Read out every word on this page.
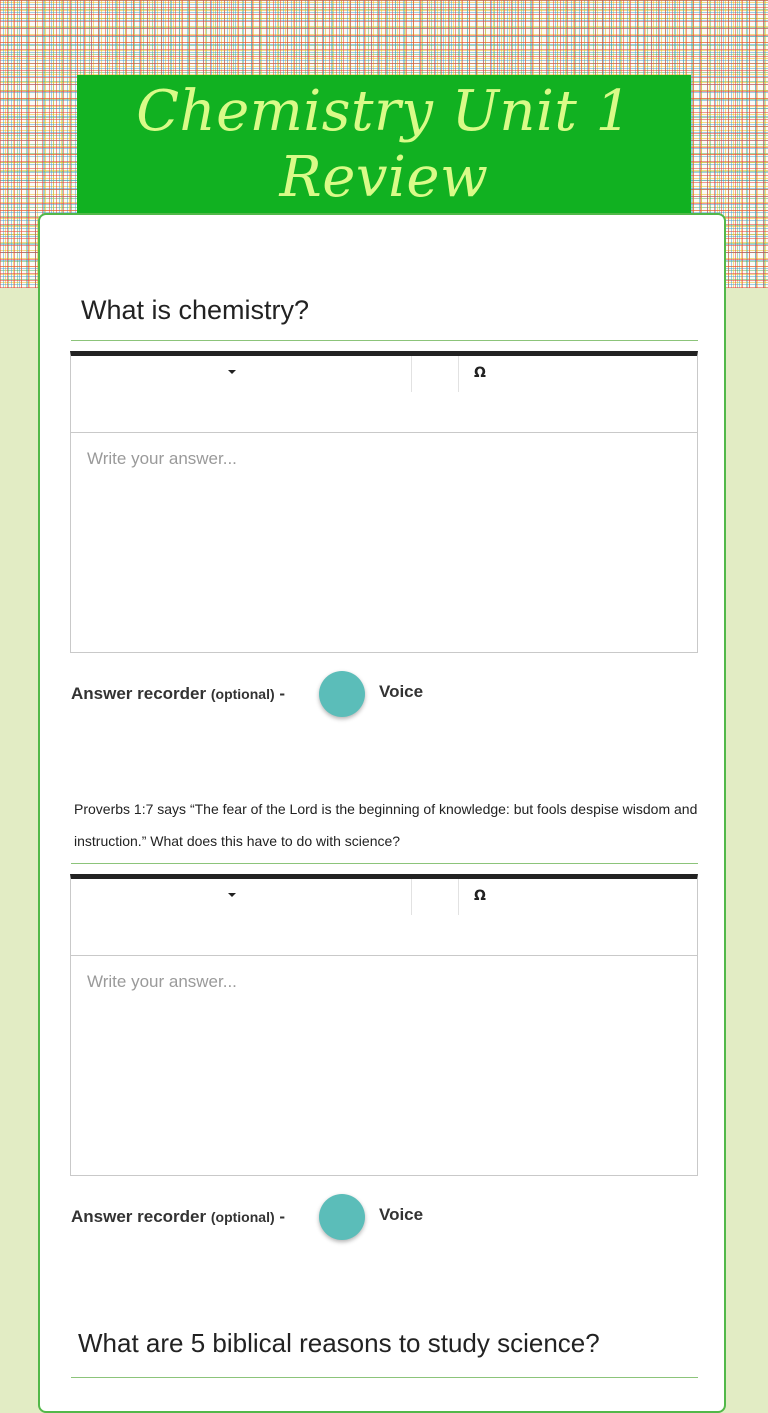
Chemistry Unit 1
Review
What is chemistry?
Ω
Write your answer...
Answer recorder (optional) -	Voice
Proverbs 1:7 says “The fear of the Lord is the beginning of knowledge: but fools despise wisdom and
instruction.” What does this have to do with science?
Ω
Write your answer...
Answer recorder (optional) -	Voice
What are 5 biblical reasons to study science?
